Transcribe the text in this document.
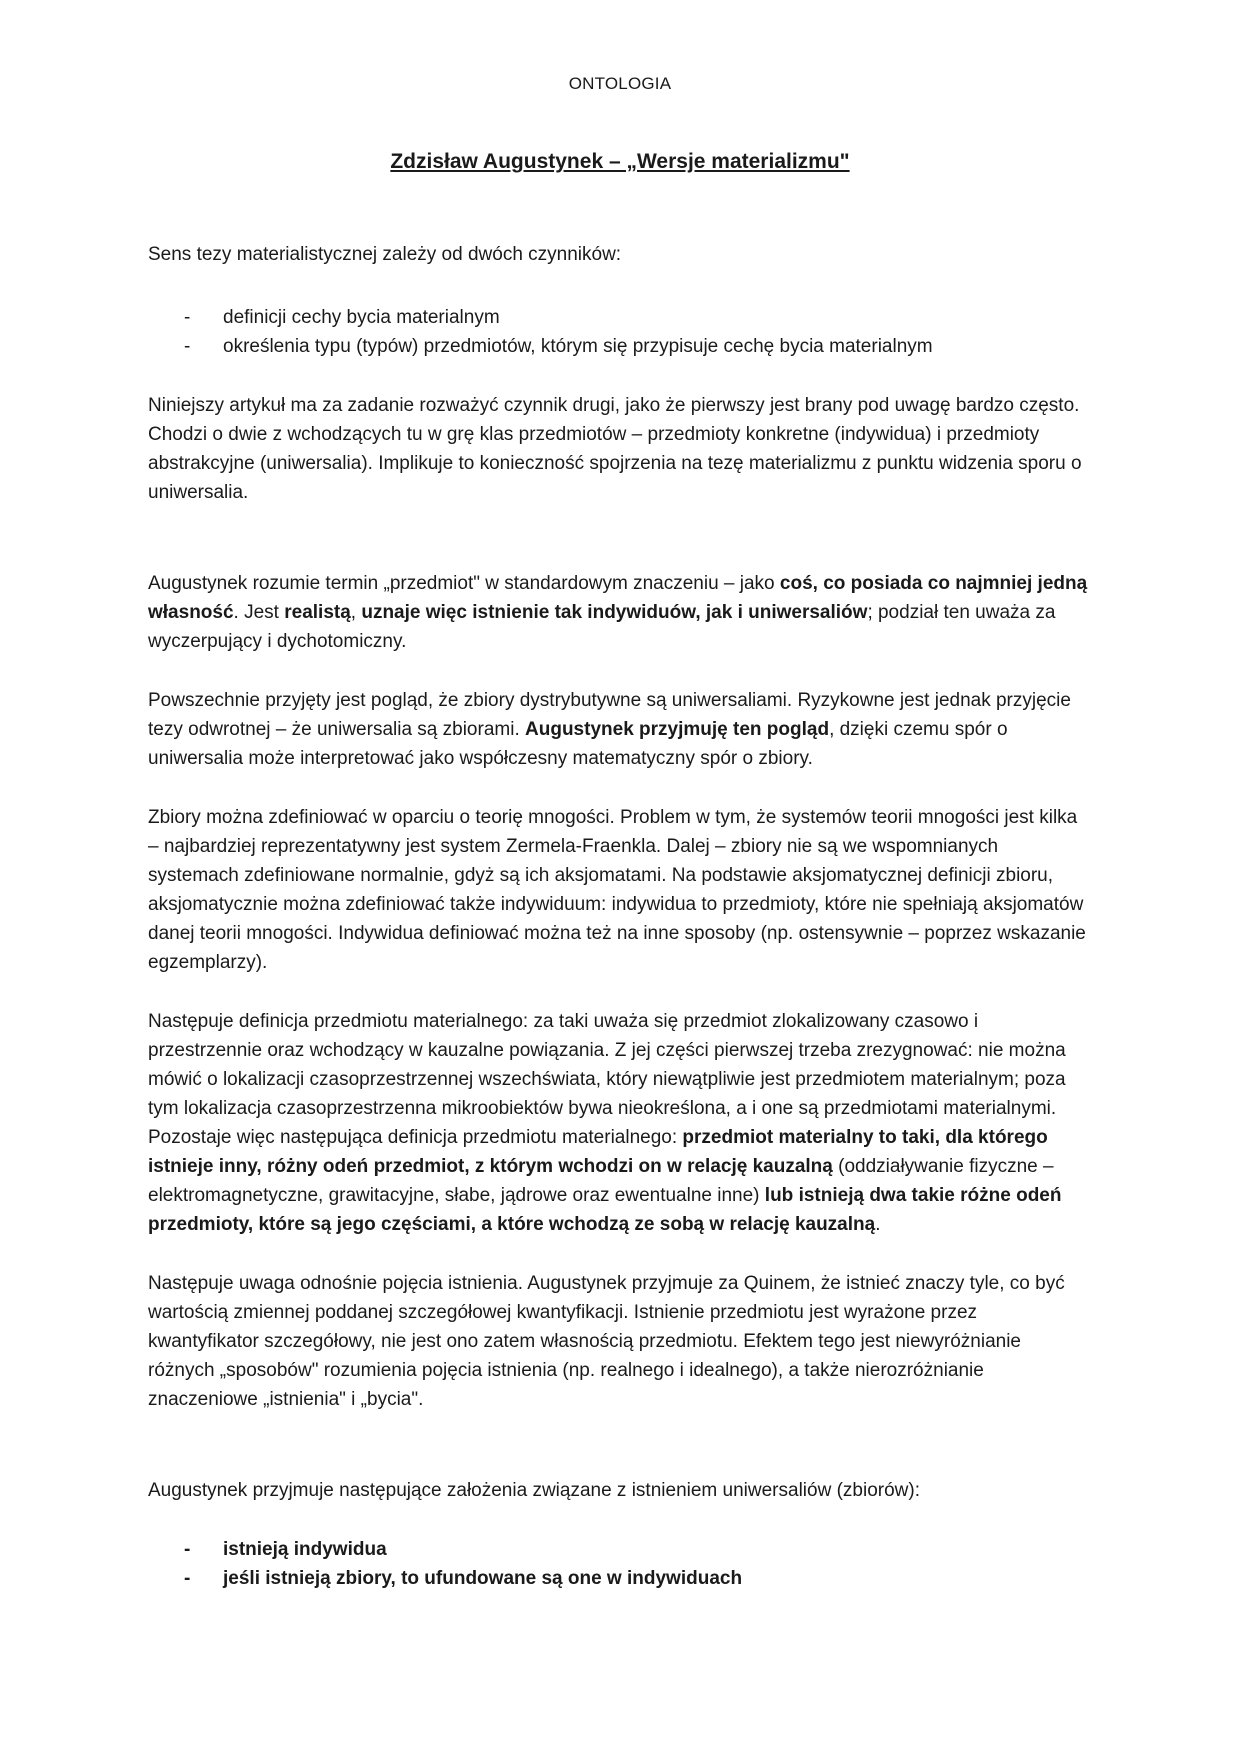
ONTOLOGIA
Zdzisław Augustynek – „Wersje materializmu"

Sens tezy materialistycznej zależy od dwóch czynników:

- definicji cechy bycia materialnym
- określenia typu (typów) przedmiotów, którym się przypisuje cechę bycia materialnym

Niniejszy artykuł ma za zadanie rozważyć czynnik drugi, jako że pierwszy jest brany pod uwagę bardzo często. Chodzi o dwie z wchodzących tu w grę klas przedmiotów – przedmioty konkretne (indywidua) i przedmioty abstrakcyjne (uniwersalia). Implikuje to konieczność spojrzenia na tezę materializmu z punktu widzenia sporu o uniwersalia.

Augustynek rozumie termin „przedmiot" w standardowym znaczeniu – jako coś, co posiada co najmniej jedną własność. Jest realistą, uznaje więc istnienie tak indywiduów, jak i uniwersaliów; podział ten uważa za wyczerpujący i dychotomiczny.

Powszechnie przyjęty jest pogląd, że zbiory dystrybutywne są uniwersaliami. Ryzykowne jest jednak przyjęcie tezy odwrotnej – że uniwersalia są zbiorami. Augustynek przyjmuję ten pogląd, dzięki czemu spór o uniwersalia może interpretować jako współczesny matematyczny spór o zbiory.

Zbiory można zdefiniować w oparciu o teorię mnogości. Problem w tym, że systemów teorii mnogości jest kilka – najbardziej reprezentatywny jest system Zermela-Fraenkla. Dalej – zbiory nie są we wspomnianych systemach zdefiniowane normalnie, gdyż są ich aksjomatami. Na podstawie aksjomatycznej definicji zbioru, aksjomatycznie można zdefiniować także indywiduum: indywidua to przedmioty, które nie spełniają aksjomatów danej teorii mnogości. Indywidua definiować można też na inne sposoby (np. ostensywnie – poprzez wskazanie egzemplarzy).

Następuje definicja przedmiotu materialnego: za taki uważa się przedmiot zlokalizowany czasowo i przestrzennie oraz wchodzący w kauzalne powiązania. Z jej części pierwszej trzeba zrezygnować: nie można mówić o lokalizacji czasoprzestrzennej wszechświata, który niewątpliwie jest przedmiotem materialnym; poza tym lokalizacja czasoprzestrzenna mikroobiektów bywa nieokreślona, a i one są przedmiotami materialnymi. Pozostaje więc następująca definicja przedmiotu materialnego: przedmiot materialny to taki, dla którego istnieje inny, różny odeń przedmiot, z którym wchodzi on w relację kauzalną (oddziaływanie fizyczne – elektromagnetyczne, grawitacyjne, słabe, jądrowe oraz ewentualne inne) lub istnieją dwa takie różne odeń przedmioty, które są jego częściami, a które wchodzą ze sobą w relację kauzalną.

Następuje uwaga odnośnie pojęcia istnienia. Augustynek przyjmuje za Quinem, że istnieć znaczy tyle, co być wartością zmiennej poddanej szczegółowej kwantyfikacji. Istnienie przedmiotu jest wyrażone przez kwantyfikator szczegółowy, nie jest ono zatem własnością przedmiotu. Efektem tego jest niewyróżnianie różnych „sposobów" rozumienia pojęcia istnienia (np. realnego i idealnego), a także nierozróżnianie znaczeniowe „istnienia" i „bycia".

Augustynek przyjmuje następujące założenia związane z istnieniem uniwersaliów (zbiorów):

- istnieją indywidua
- jeśli istnieją zbiory, to ufundowane są one w indywiduach
